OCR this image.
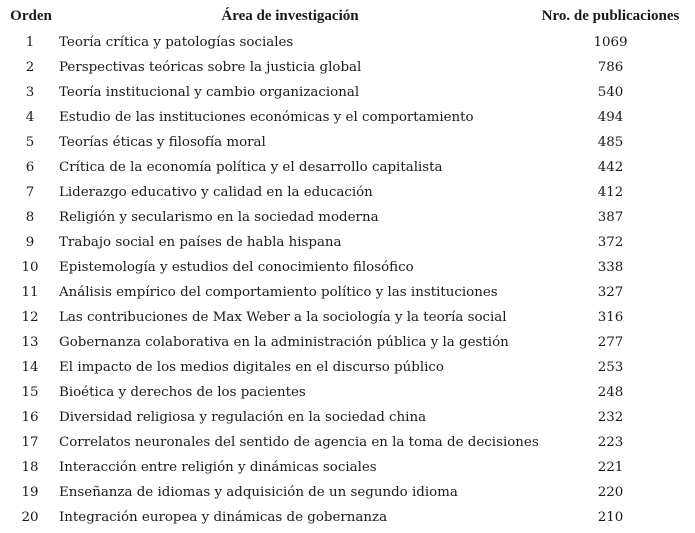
Orden	Área de investigación	Nro. de publicaciones
1	Teoría crítica y patologías sociales	1069
2	Perspectivas teóricas sobre la justicia global	786
3	Teoría institucional y cambio organizacional	540
4	Estudio de las instituciones económicas y el comportamiento	494
5	Teorías éticas y filosofía moral	485
6	Crítica de la economía política y el desarrollo capitalista	442
7	Liderazgo educativo y calidad en la educación	412
8	Religión y secularismo en la sociedad moderna	387
9	Trabajo social en países de habla hispana	372
10	Epistemología y estudios del conocimiento filosófico	338
11	Análisis empírico del comportamiento político y las instituciones	327
12	Las contribuciones de Max Weber a la sociología y la teoría social	316
13	Gobernanza colaborativa en la administración pública y la gestión	277
14	El impacto de los medios digitales en el discurso público	253
15	Bioética y derechos de los pacientes	248
16	Diversidad religiosa y regulación en la sociedad china	232
17	Correlatos neuronales del sentido de agencia en la toma de decisiones	223
18	Interacción entre religión y dinámicas sociales	221
19	Enseñanza de idiomas y adquisición de un segundo idioma	220
20	Integración europea y dinámicas de gobernanza	210
